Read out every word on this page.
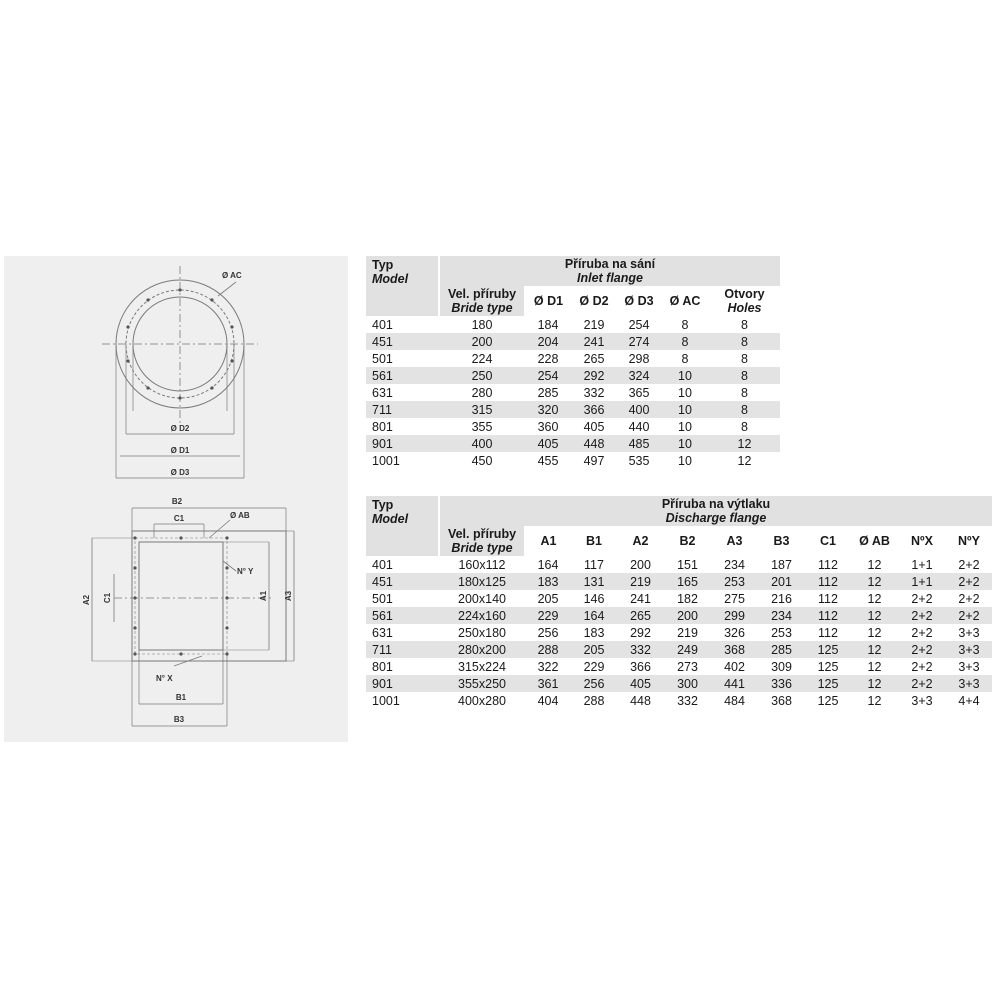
Ø AC
Ø D2
Ø D1
Ø D3
B2
C1	Ø AB
N° Y
N° X
B1
B3
C1
A2	A1 A3
Typ
Model	Příruba na sání
Inlet flange					

	Vel. příruby
Bride type	Ø D1	Ø D2	Ø D3	Ø AC	Otvory
Holes

401	180	184	219	254	8	8
451	200	204	241	274	8	8
501	224	228	265	298	8	8
561	250	254	292	324	10	8
631	280	285	332	365	10	8
711	315	320	366	400	10	8
801	355	360	405	440	10	8
901	400	405	448	485	10	12
1001	450	455	497	535	10	12
Typ
Model	Příruba na výtlaku
Discharge flange										

	Vel. příruby
Bride type	A1	B1	A2	B2	A3	B3	C1	Ø AB	NºX	NºY

401	160x112	164	117	200	151	234	187	112	12	1+1	2+2
451	180x125	183	131	219	165	253	201	112	12	1+1	2+2
501	200x140	205	146	241	182	275	216	112	12	2+2	2+2
561	224x160	229	164	265	200	299	234	112	12	2+2	2+2
631	250x180	256	183	292	219	326	253	112	12	2+2	3+3
711	280x200	288	205	332	249	368	285	125	12	2+2	3+3
801	315x224	322	229	366	273	402	309	125	12	2+2	3+3
901	355x250	361	256	405	300	441	336	125	12	2+2	3+3
1001	400x280	404	288	448	332	484	368	125	12	3+3	4+4
